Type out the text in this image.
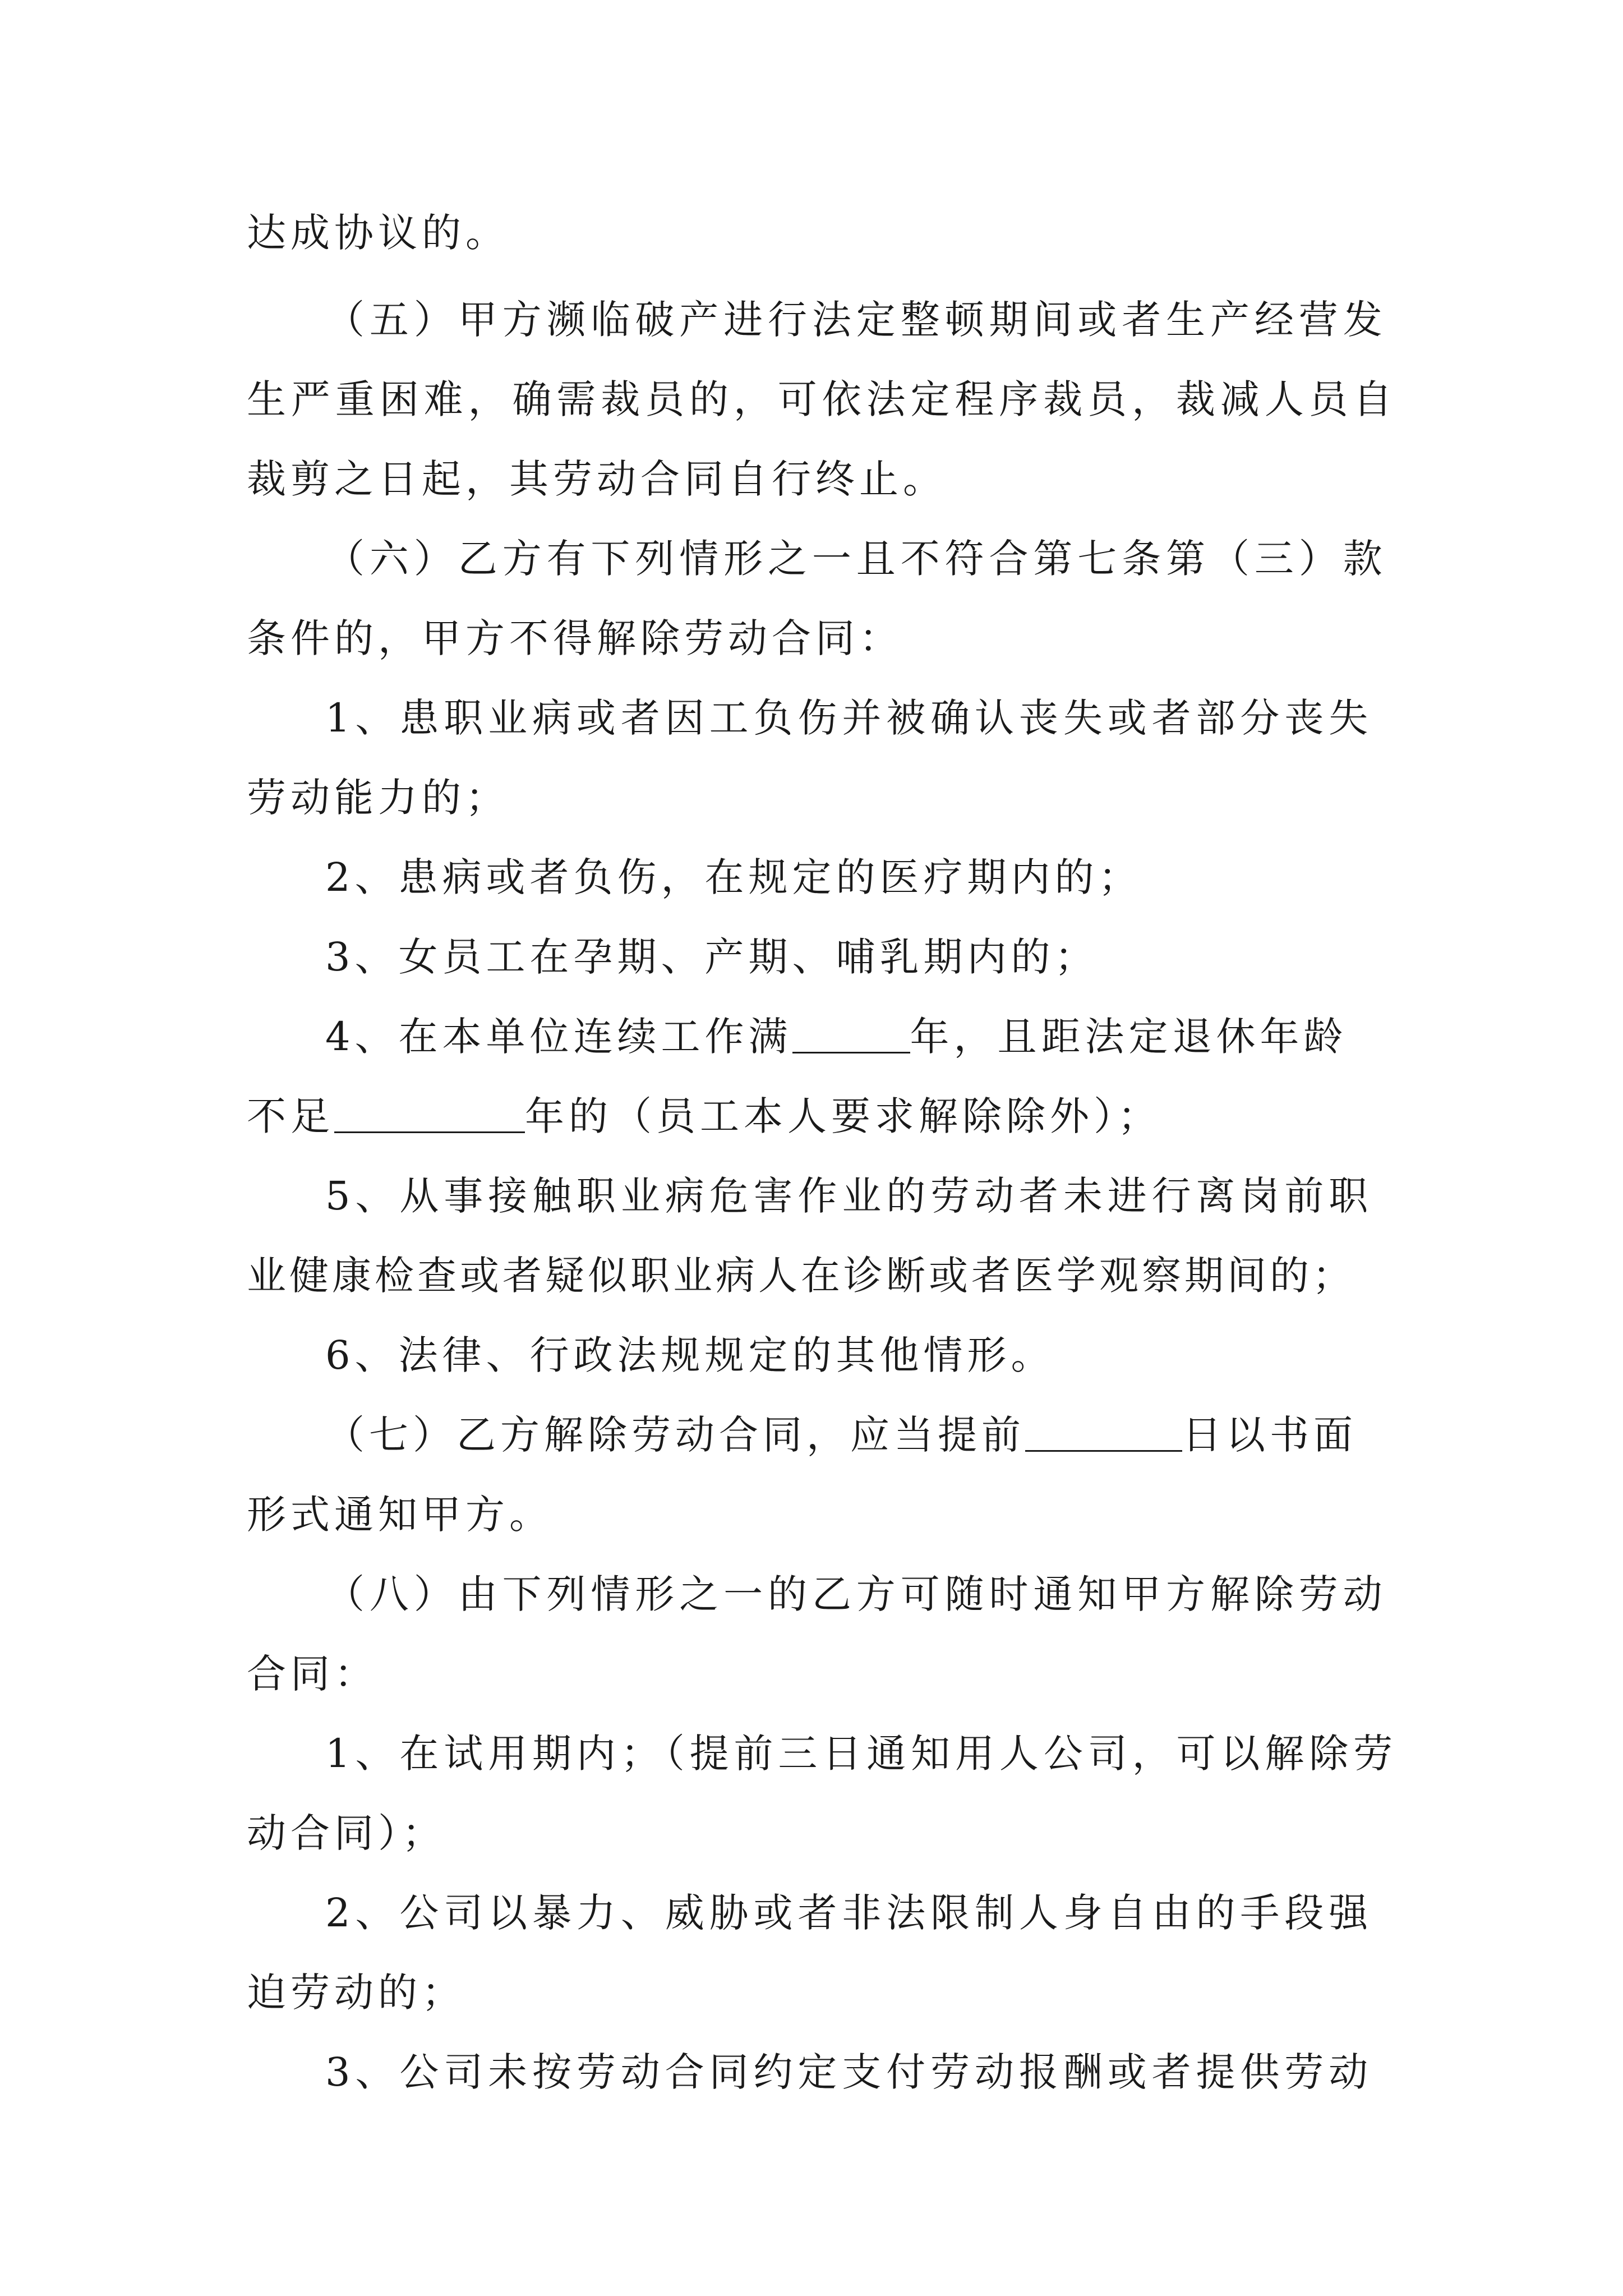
达成协议的。
（五）甲方濒临破产进行法定整顿期间或者生产经营发
生严重困难，确需裁员的，可依法定程序裁员，裁减人员自
裁剪之日起，其劳动合同自行终止。
（六）乙方有下列情形之一且不符合第七条第（三）款
条件的，甲方不得解除劳动合同：
1、患职业病或者因工负伤并被确认丧失或者部分丧失
劳动能力的；
2、患病或者负伤，在规定的医疗期内的；
3、女员工在孕期、产期、哺乳期内的；
4、在本单位连续工作满	年，且距法定退休年龄
不足	年的（员工本人要求解除除外）；
5、从事接触职业病危害作业的劳动者未进行离岗前职
业健康检查或者疑似职业病人在诊断或者医学观察期间的；
6、法律、行政法规规定的其他情形。
（七）乙方解除劳动合同，应当提前	日以书面
形式通知甲方。
（八）由下列情形之一的乙方可随时通知甲方解除劳动
合同：
1、在试用期内；（提前三日通知用人公司，可以解除劳
动合同）；
2、公司以暴力、威胁或者非法限制人身自由的手段强
迫劳动的；
3、公司未按劳动合同约定支付劳动报酬或者提供劳动
